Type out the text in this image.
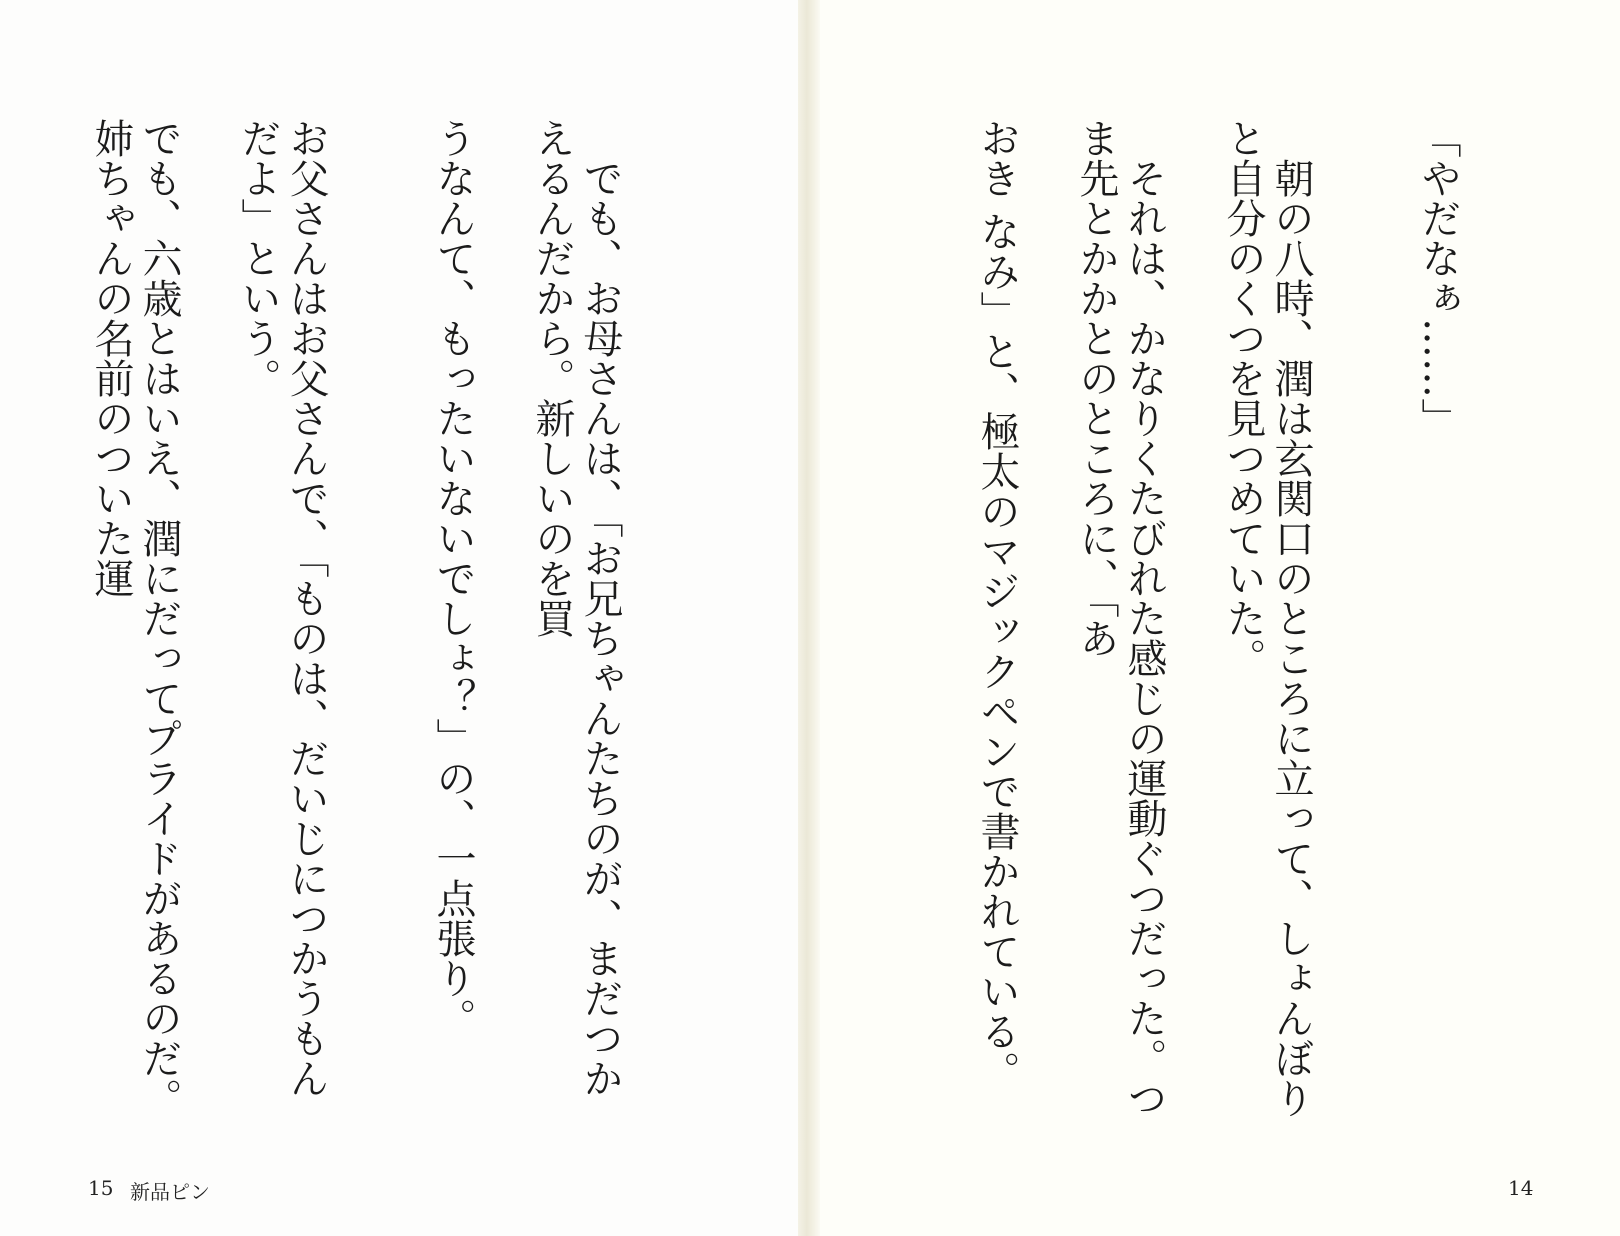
　でも、お母さんは、「お兄ちゃんたちのが、まだつかえるんだから。新しいのを買

うなんて、もったいないでしょ？」の、一点張り。

お父さんはお父さんで、「ものは、だいじにつかうもんだよ」という。

でも、六歳とはいえ、潤にだってプライドがあるのだ。姉ちゃんの名前のついた運

15 新品ピン

「やだなぁ……」

　朝の八時、潤は玄関口のところに立って、しょんぼりと自分のくつを見つめていた。

　それは、かなりくたびれた感じの運動ぐつだった。つま先とかかとのところに、「あ

おき なみ」と、極太のマジックペンで書かれている。

14
